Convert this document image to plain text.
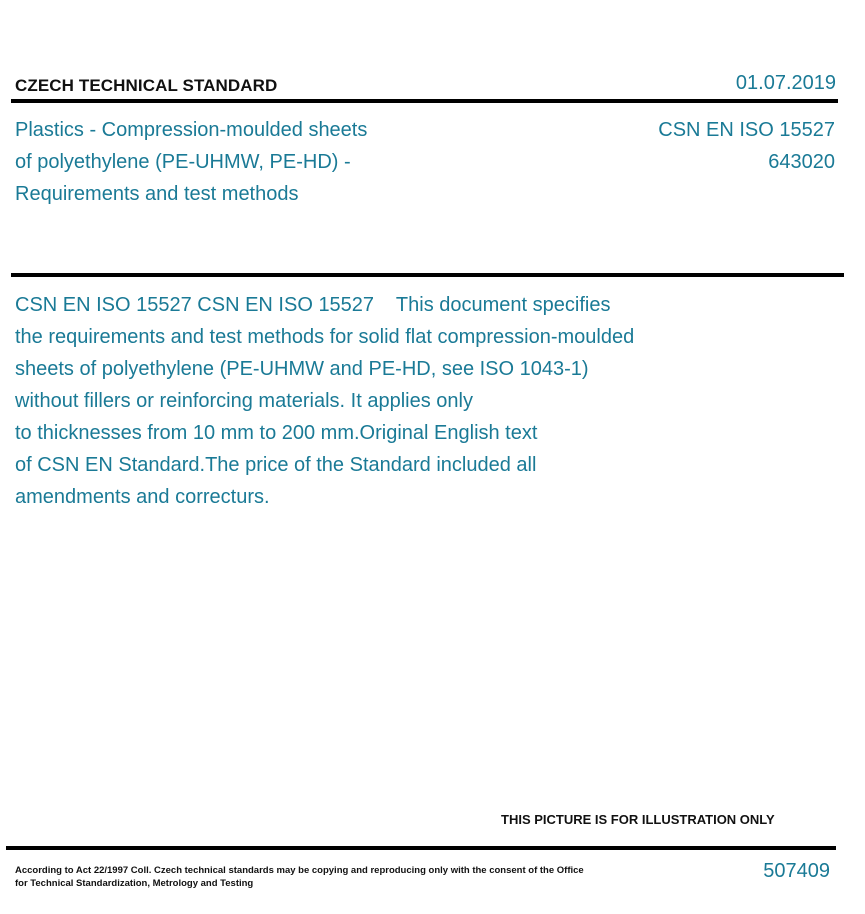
CZECH TECHNICAL STANDARD	01.07.2019
Plastics - Compression-moulded sheets
of polyethylene (PE-UHMW, PE-HD) -
Requirements and test methods
CSN EN ISO 15527
643020
CSN EN ISO 15527 CSN EN ISO 15527    This document specifies
the requirements and test methods for solid flat compression-moulded
sheets of polyethylene (PE-UHMW and PE-HD, see ISO 1043-1)
without fillers or reinforcing materials. It applies only
to thicknesses from 10 mm to 200 mm.Original English text
of CSN EN Standard.The price of the Standard included all
amendments and correcturs.
THIS PICTURE IS FOR ILLUSTRATION ONLY
According to Act 22/1997 Coll. Czech technical standards may be copying and reproducing only with the consent of the Office
for Technical Standardization, Metrology and Testing
507409
